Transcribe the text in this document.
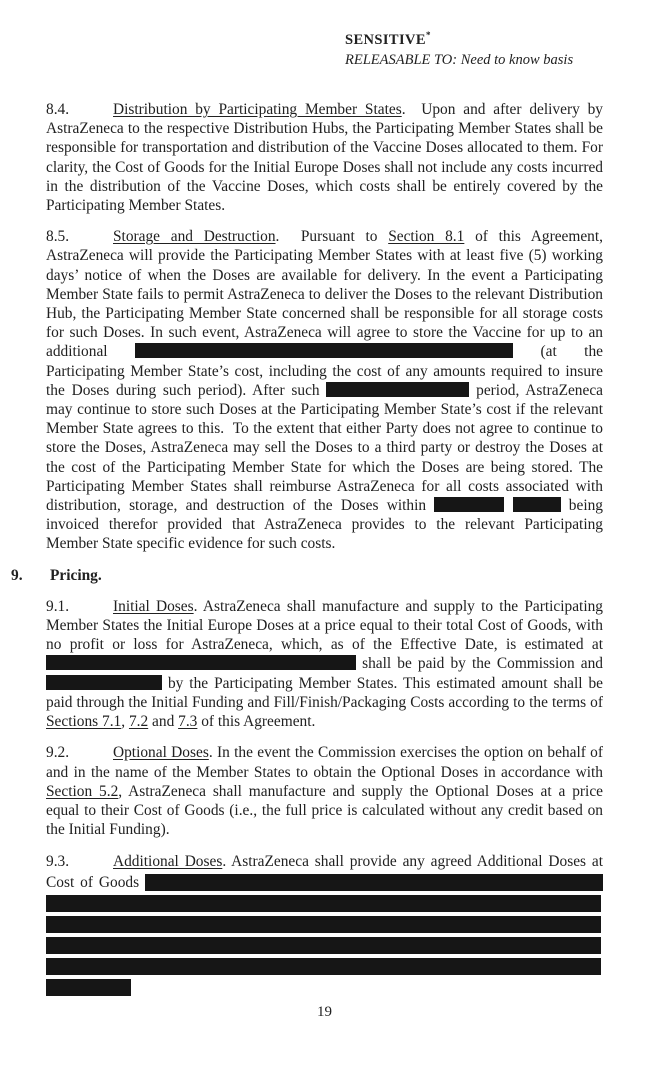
SENSITIVE*
RELEASABLE TO: Need to know basis
8.4.	Distribution by Participating Member States.  Upon and after delivery by AstraZeneca to the respective Distribution Hubs, the Participating Member States shall be responsible for transportation and distribution of the Vaccine Doses allocated to them. For clarity, the Cost of Goods for the Initial Europe Doses shall not include any costs incurred in the distribution of the Vaccine Doses, which costs shall be entirely covered by the Participating Member States.
8.5.	Storage and Destruction.  Pursuant to Section 8.1 of this Agreement, AstraZeneca will provide the Participating Member States with at least five (5) working days’ notice of when the Doses are available for delivery. In the event a Participating Member State fails to permit AstraZeneca to deliver the Doses to the relevant Distribution Hub, the Participating Member State concerned shall be responsible for all storage costs for such Doses. In such event, AstraZeneca will agree to store the Vaccine for up to an additional	(at the Participating Member State’s cost, including the cost of any amounts required to insure the Doses during such period). After such	period, AstraZeneca may continue to store such Doses at the Participating Member State’s cost if the relevant Member State agrees to this.  To the extent that either Party does not agree to continue to store the Doses, AstraZeneca may sell the Doses to a third party or destroy the Doses at the cost of the Participating Member State for which the Doses are being stored. The Participating Member States shall reimburse AstraZeneca for all costs associated with distribution, storage, and destruction of the Doses within	being invoiced therefor provided that AstraZeneca provides to the relevant Participating Member State specific evidence for such costs.
9. Pricing.
9.1.	Initial Doses. AstraZeneca shall manufacture and supply to the Participating Member States the Initial Europe Doses at a price equal to their total Cost of Goods, with no profit or loss for AstraZeneca, which, as of the Effective Date, is estimated at  shall be paid by the Commission and  by the Participating Member States. This estimated amount shall be paid through the Initial Funding and Fill/Finish/Packaging Costs according to the terms of Sections 7.1, 7.2 and 7.3 of this Agreement.
9.2.	Optional Doses. In the event the Commission exercises the option on behalf of and in the name of the Member States to obtain the Optional Doses in accordance with Section 5.2, AstraZeneca shall manufacture and supply the Optional Doses at a price equal to their Cost of Goods (i.e., the full price is calculated without any credit based on the Initial Funding).
9.3.	Additional Doses. AstraZeneca shall provide any agreed Additional Doses at Cost of Goods
19
